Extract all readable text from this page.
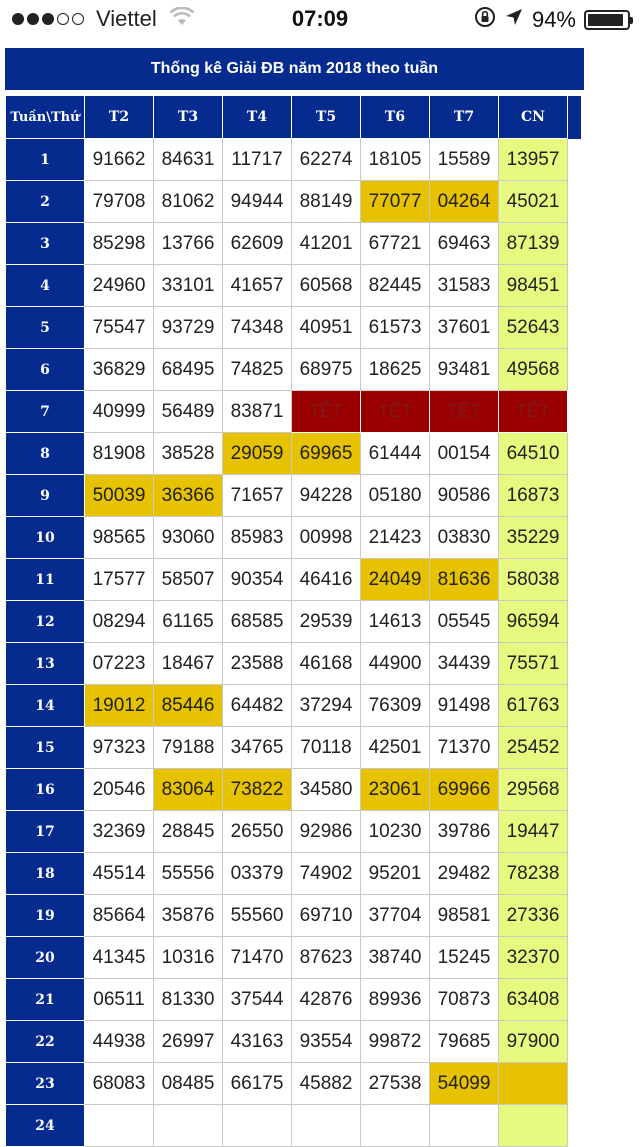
Viettel	07:09	94%
Thống kê Giải ĐB năm 2018 theo tuần
Tuần\Thứ	T2	T3	T4	T5	T6	T7	CN	
1	91662	84631	11717	62274	18105	15589	13957	
2	79708	81062	94944	88149	77077	04264	45021	
3	85298	13766	62609	41201	67721	69463	87139	
4	24960	33101	41657	60568	82445	31583	98451	
5	75547	93729	74348	40951	61573	37601	52643	
6	36829	68495	74825	68975	18625	93481	49568	
7	40999	56489	83871	TẾT	TẾT	TẾT	TẾT	
8	81908	38528	29059	69965	61444	00154	64510	
9	50039	36366	71657	94228	05180	90586	16873	
10	98565	93060	85983	00998	21423	03830	35229	
11	17577	58507	90354	46416	24049	81636	58038	
12	08294	61165	68585	29539	14613	05545	96594	
13	07223	18467	23588	46168	44900	34439	75571	
14	19012	85446	64482	37294	76309	91498	61763	
15	97323	79188	34765	70118	42501	71370	25452	
16	20546	83064	73822	34580	23061	69966	29568	
17	32369	28845	26550	92986	10230	39786	19447	
18	45514	55556	03379	74902	95201	29482	78238	
19	85664	35876	55560	69710	37704	98581	27336	
20	41345	10316	71470	87623	38740	15245	32370	
21	06511	81330	37544	42876	89936	70873	63408	
22	44938	26997	43163	93554	99872	79685	97900	
23	68083	08485	66175	45882	27538	54099		
24								
